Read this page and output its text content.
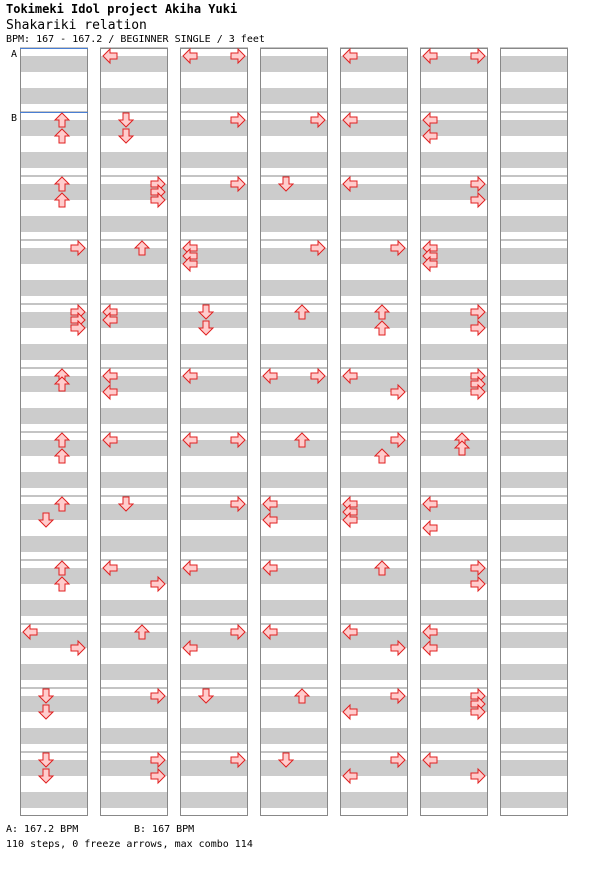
Tokimeki Idol project Akiha Yuki
Shakariki relation
BPM: 167 - 167.2 / BEGINNER SINGLE / 3 feet
A
B
A: 167.2 BPM	B: 167 BPM
110 steps, 0 freeze arrows, max combo 114
